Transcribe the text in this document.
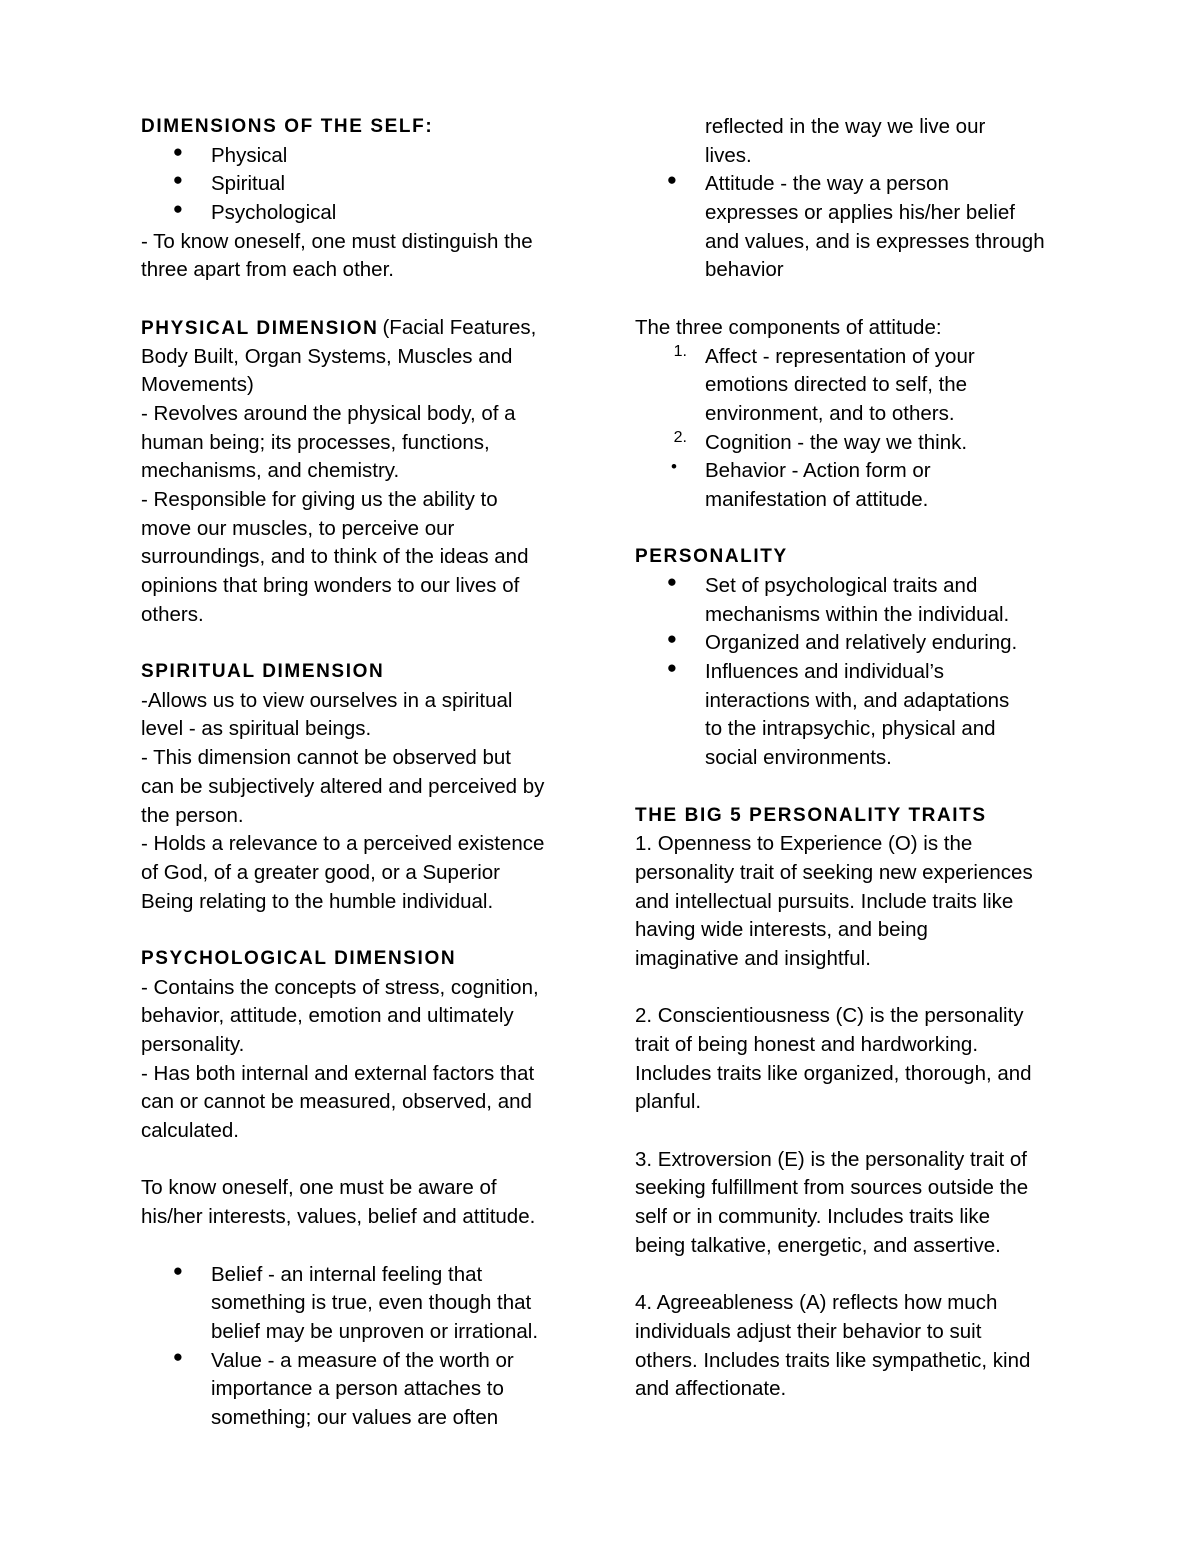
DIMENSIONS OF THE SELF:
●	Physical
●	Spiritual
●	Psychological
- To know oneself, one must distinguish the
three apart from each other.
PHYSICAL DIMENSION (Facial Features,
Body Built, Organ Systems, Muscles and
Movements)
- Revolves around the physical body, of a
human being; its processes, functions,
mechanisms, and chemistry.
- Responsible for giving us the ability to
move our muscles, to perceive our
surroundings, and to think of the ideas and
opinions that bring wonders to our lives of
others.
SPIRITUAL DIMENSION
-Allows us to view ourselves in a spiritual
level - as spiritual beings.
- This dimension cannot be observed but
can be subjectively altered and perceived by
the person.
- Holds a relevance to a perceived existence
of God, of a greater good, or a Superior
Being relating to the humble individual.
PSYCHOLOGICAL DIMENSION
- Contains the concepts of stress, cognition,
behavior, attitude, emotion and ultimately
personality.
- Has both internal and external factors that
can or cannot be measured, observed, and
calculated.
To know oneself, one must be aware of
his/her interests, values, belief and attitude.
●	Belief - an internal feeling that
something is true, even though that
belief may be unproven or irrational.
●	Value - a measure of the worth or
importance a person attaches to
something; our values are often
reflected in the way we live our
lives.
●	Attitude - the way a person
expresses or applies his/her belief
and values, and is expresses through
behavior
The three components of attitude:
1. Affect - representation of your
emotions directed to self, the
environment, and to others.
2. Cognition - the way we think.
•	Behavior - Action form or
manifestation of attitude.
PERSONALITY
●	Set of psychological traits and
mechanisms within the individual.
●	Organized and relatively enduring.
●	Influences and individual’s
interactions with, and adaptations
to the intrapsychic, physical and
social environments.
THE BIG 5 PERSONALITY TRAITS
1. Openness to Experience (O) is the
personality trait of seeking new experiences
and intellectual pursuits. Include traits like
having wide interests, and being
imaginative and insightful.
2. Conscientiousness (C) is the personality
trait of being honest and hardworking.
Includes traits like organized, thorough, and
planful.
3. Extroversion (E) is the personality trait of
seeking fulfillment from sources outside the
self or in community. Includes traits like
being talkative, energetic, and assertive.
4. Agreeableness (A) reflects how much
individuals adjust their behavior to suit
others. Includes traits like sympathetic, kind
and affectionate.
